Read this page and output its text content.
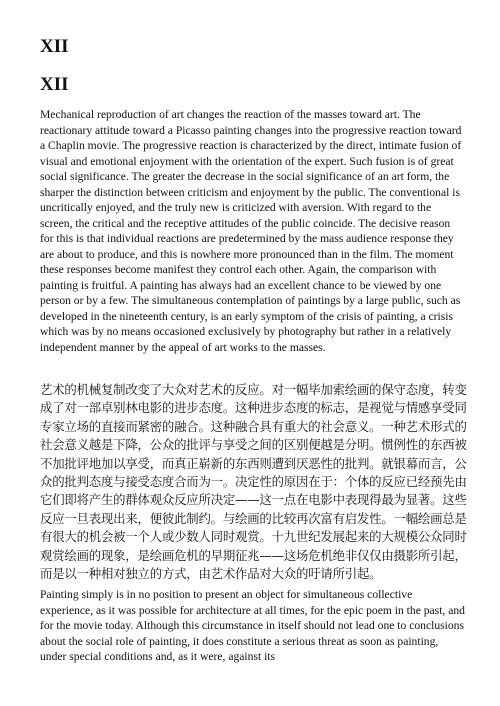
XII
XII

Mechanical reproduction of art changes the reaction of the masses toward art. The reactionary attitude toward a Picasso painting changes into the progressive reaction toward a Chaplin movie. The progressive reaction is characterized by the direct, intimate fusion of visual and emotional enjoyment with the orientation of the expert. Such fusion is of great social significance. The greater the decrease in the social significance of an art form, the sharper the distinction between criticism and enjoyment by the public. The conventional is uncritically enjoyed, and the truly new is criticized with aversion. With regard to the screen, the critical and the receptive attitudes of the public coincide. The decisive reason for this is that individual reactions are predetermined by the mass audience response they are about to produce, and this is nowhere more pronounced than in the film. The moment these responses become manifest they control each other. Again, the comparison with painting is fruitful. A painting has always had an excellent chance to be viewed by one person or by a few. The simultaneous contemplation of paintings by a large public, such as developed in the nineteenth century, is an early symptom of the crisis of painting, a crisis which was by no means occasioned exclusively by photography but rather in a relatively independent manner by the appeal of art works to the masses.

艺术的机械复制改变了大众对艺术的反应。对一幅毕加索绘画的保守态度，转变成了对一部卓别林电影的进步态度。这种进步态度的标志，是视觉与情感享受同专家立场的直接而紧密的融合。这种融合具有重大的社会意义。一种艺术形式的社会意义越是下降，公众的批评与享受之间的区别便越是分明。惯例性的东西被不加批评地加以享受，而真正崭新的东西则遭到厌恶性的批判。就银幕而言，公众的批判态度与接受态度合而为一。决定性的原因在于：个体的反应已经预先由它们即将产生的群体观众反应所决定——这一点在电影中表现得最为显著。这些反应一旦表现出来，便彼此制约。与绘画的比较再次富有启发性。一幅绘画总是有很大的机会被一个人或少数人同时观赏。十九世纪发展起来的大规模公众同时观赏绘画的现象，是绘画危机的早期征兆——这场危机绝非仅仅由摄影所引起，而是以一种相对独立的方式，由艺术作品对大众的吁请所引起。

Painting simply is in no position to present an object for simultaneous collective experience, as it was possible for architecture at all times, for the epic poem in the past, and for the movie today. Although this circumstance in itself should not lead one to conclusions about the social role of painting, it does constitute a serious threat as soon as painting, under special conditions and, as it were, against its
